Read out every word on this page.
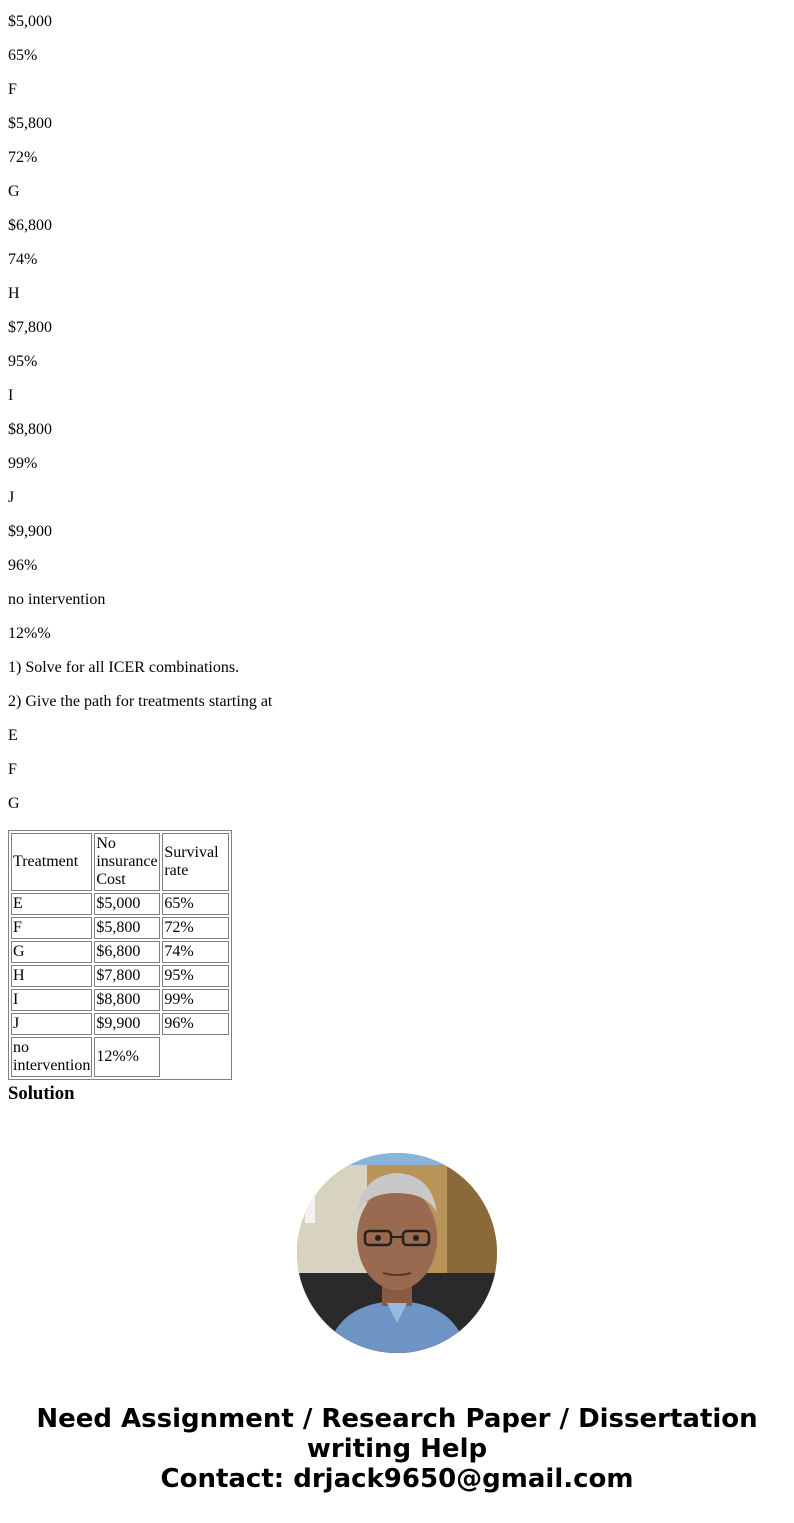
$5,000

65%

F

$5,800

72%

G

$6,800

74%

H

$7,800

95%

I

$8,800

99%

J

$9,900

96%

no intervention

12%%

1) Solve for all ICER combinations.

2) Give the path for treatments starting at

E

F

G

Treatment	No insurance Cost	Survival rate
E	$5,000	65%
F	$5,800	72%
G	$6,800	74%
H	$7,800	95%
I	$8,800	99%
J	$9,900	96%
no intervention	12%%	
Solution
Need Assignment / Research Paper / Dissertation
writing Help
Contact: drjack9650@gmail.com
